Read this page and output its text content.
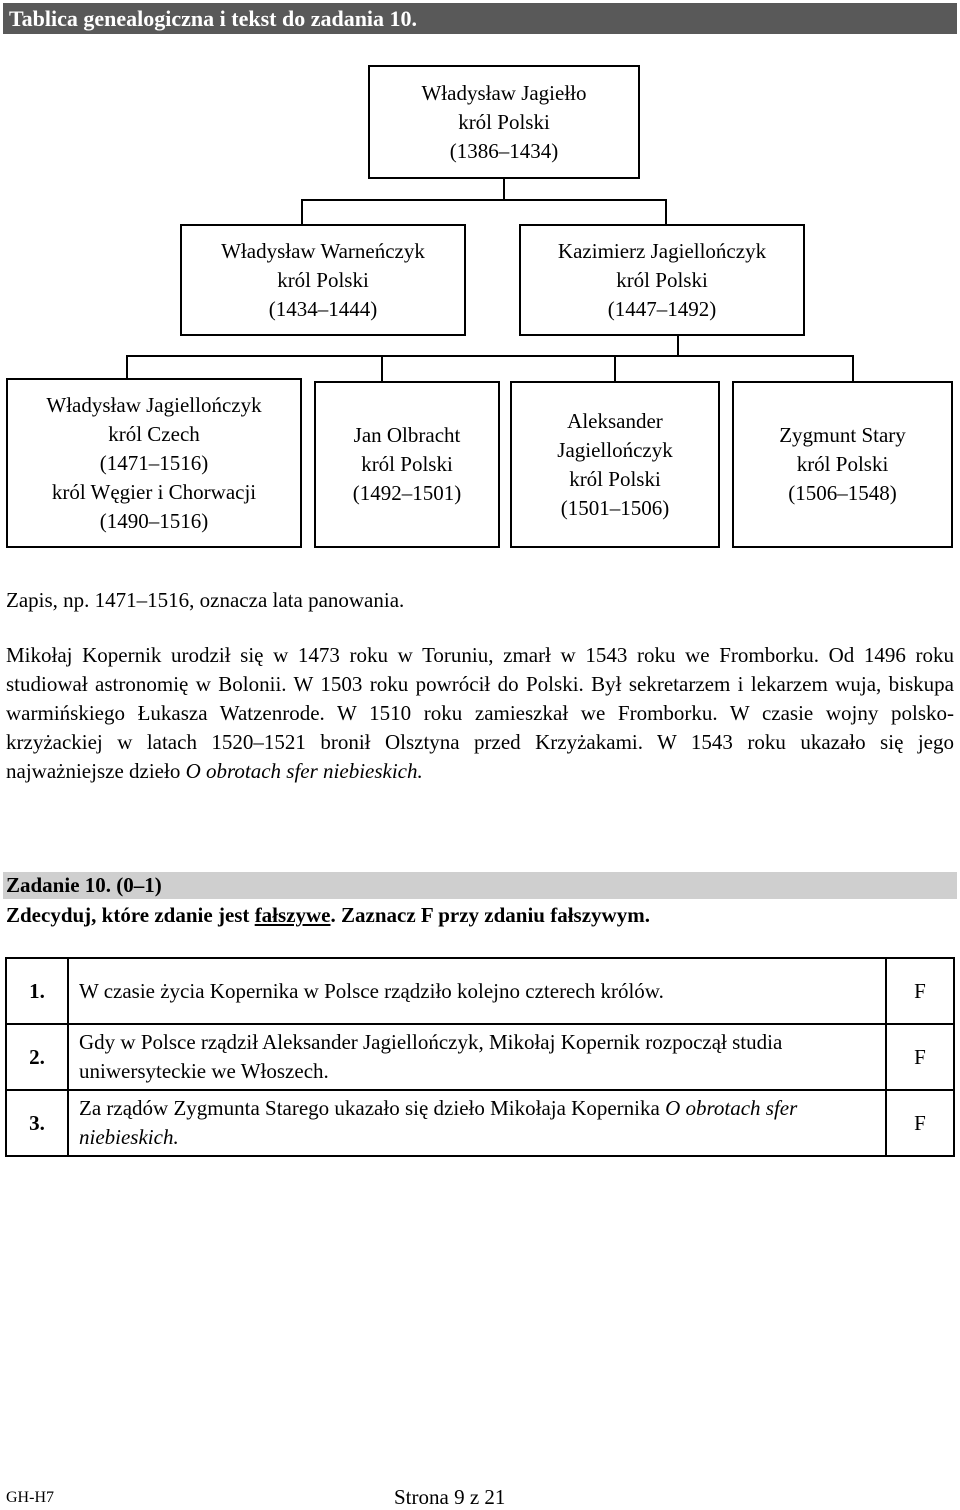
Tablica genealogiczna i tekst do zadania 10.
Władysław Jagiełło
król Polski
(1386–1434)
Władysław Warneńczyk
król Polski
(1434–1444)
Kazimierz Jagiellończyk
król Polski
(1447–1492)
Władysław Jagiellończyk
król Czech
(1471–1516)
król Węgier i Chorwacji
(1490–1516)
Jan Olbracht
król Polski
(1492–1501)
Aleksander
Jagiellończyk
król Polski
(1501–1506)
Zygmunt Stary
król Polski
(1506–1548)
Zapis, np. 1471–1516, oznacza lata panowania.
Mikołaj Kopernik urodził się w 1473 roku w Toruniu, zmarł w 1543 roku we Fromborku. Od 1496 roku studiował astronomię w Bolonii. W 1503 roku powrócił do Polski. Był sekretarzem i lekarzem wuja, biskupa warmińskiego Łukasza Watzenrode. W 1510 roku zamieszkał we Fromborku. W czasie wojny polsko-krzyżackiej w latach 1520–1521 bronił Olsztyna przed Krzyżakami. W 1543 roku ukazało się jego najważniejsze dzieło O obrotach sfer niebieskich.
Zadanie 10. (0–1)
Zdecyduj, które zdanie jest fałszywe. Zaznacz F przy zdaniu fałszywym.
1.	W czasie życia Kopernika w Polsce rządziło kolejno czterech królów.	F
2.	Gdy w Polsce rządził Aleksander Jagiellończyk, Mikołaj Kopernik rozpoczął studia uniwersyteckie we Włoszech.	F
3.	Za rządów Zygmunta Starego ukazało się dzieło Mikołaja Kopernika O obrotach sfer niebieskich.	F
GH-H7	Strona 9 z 21
